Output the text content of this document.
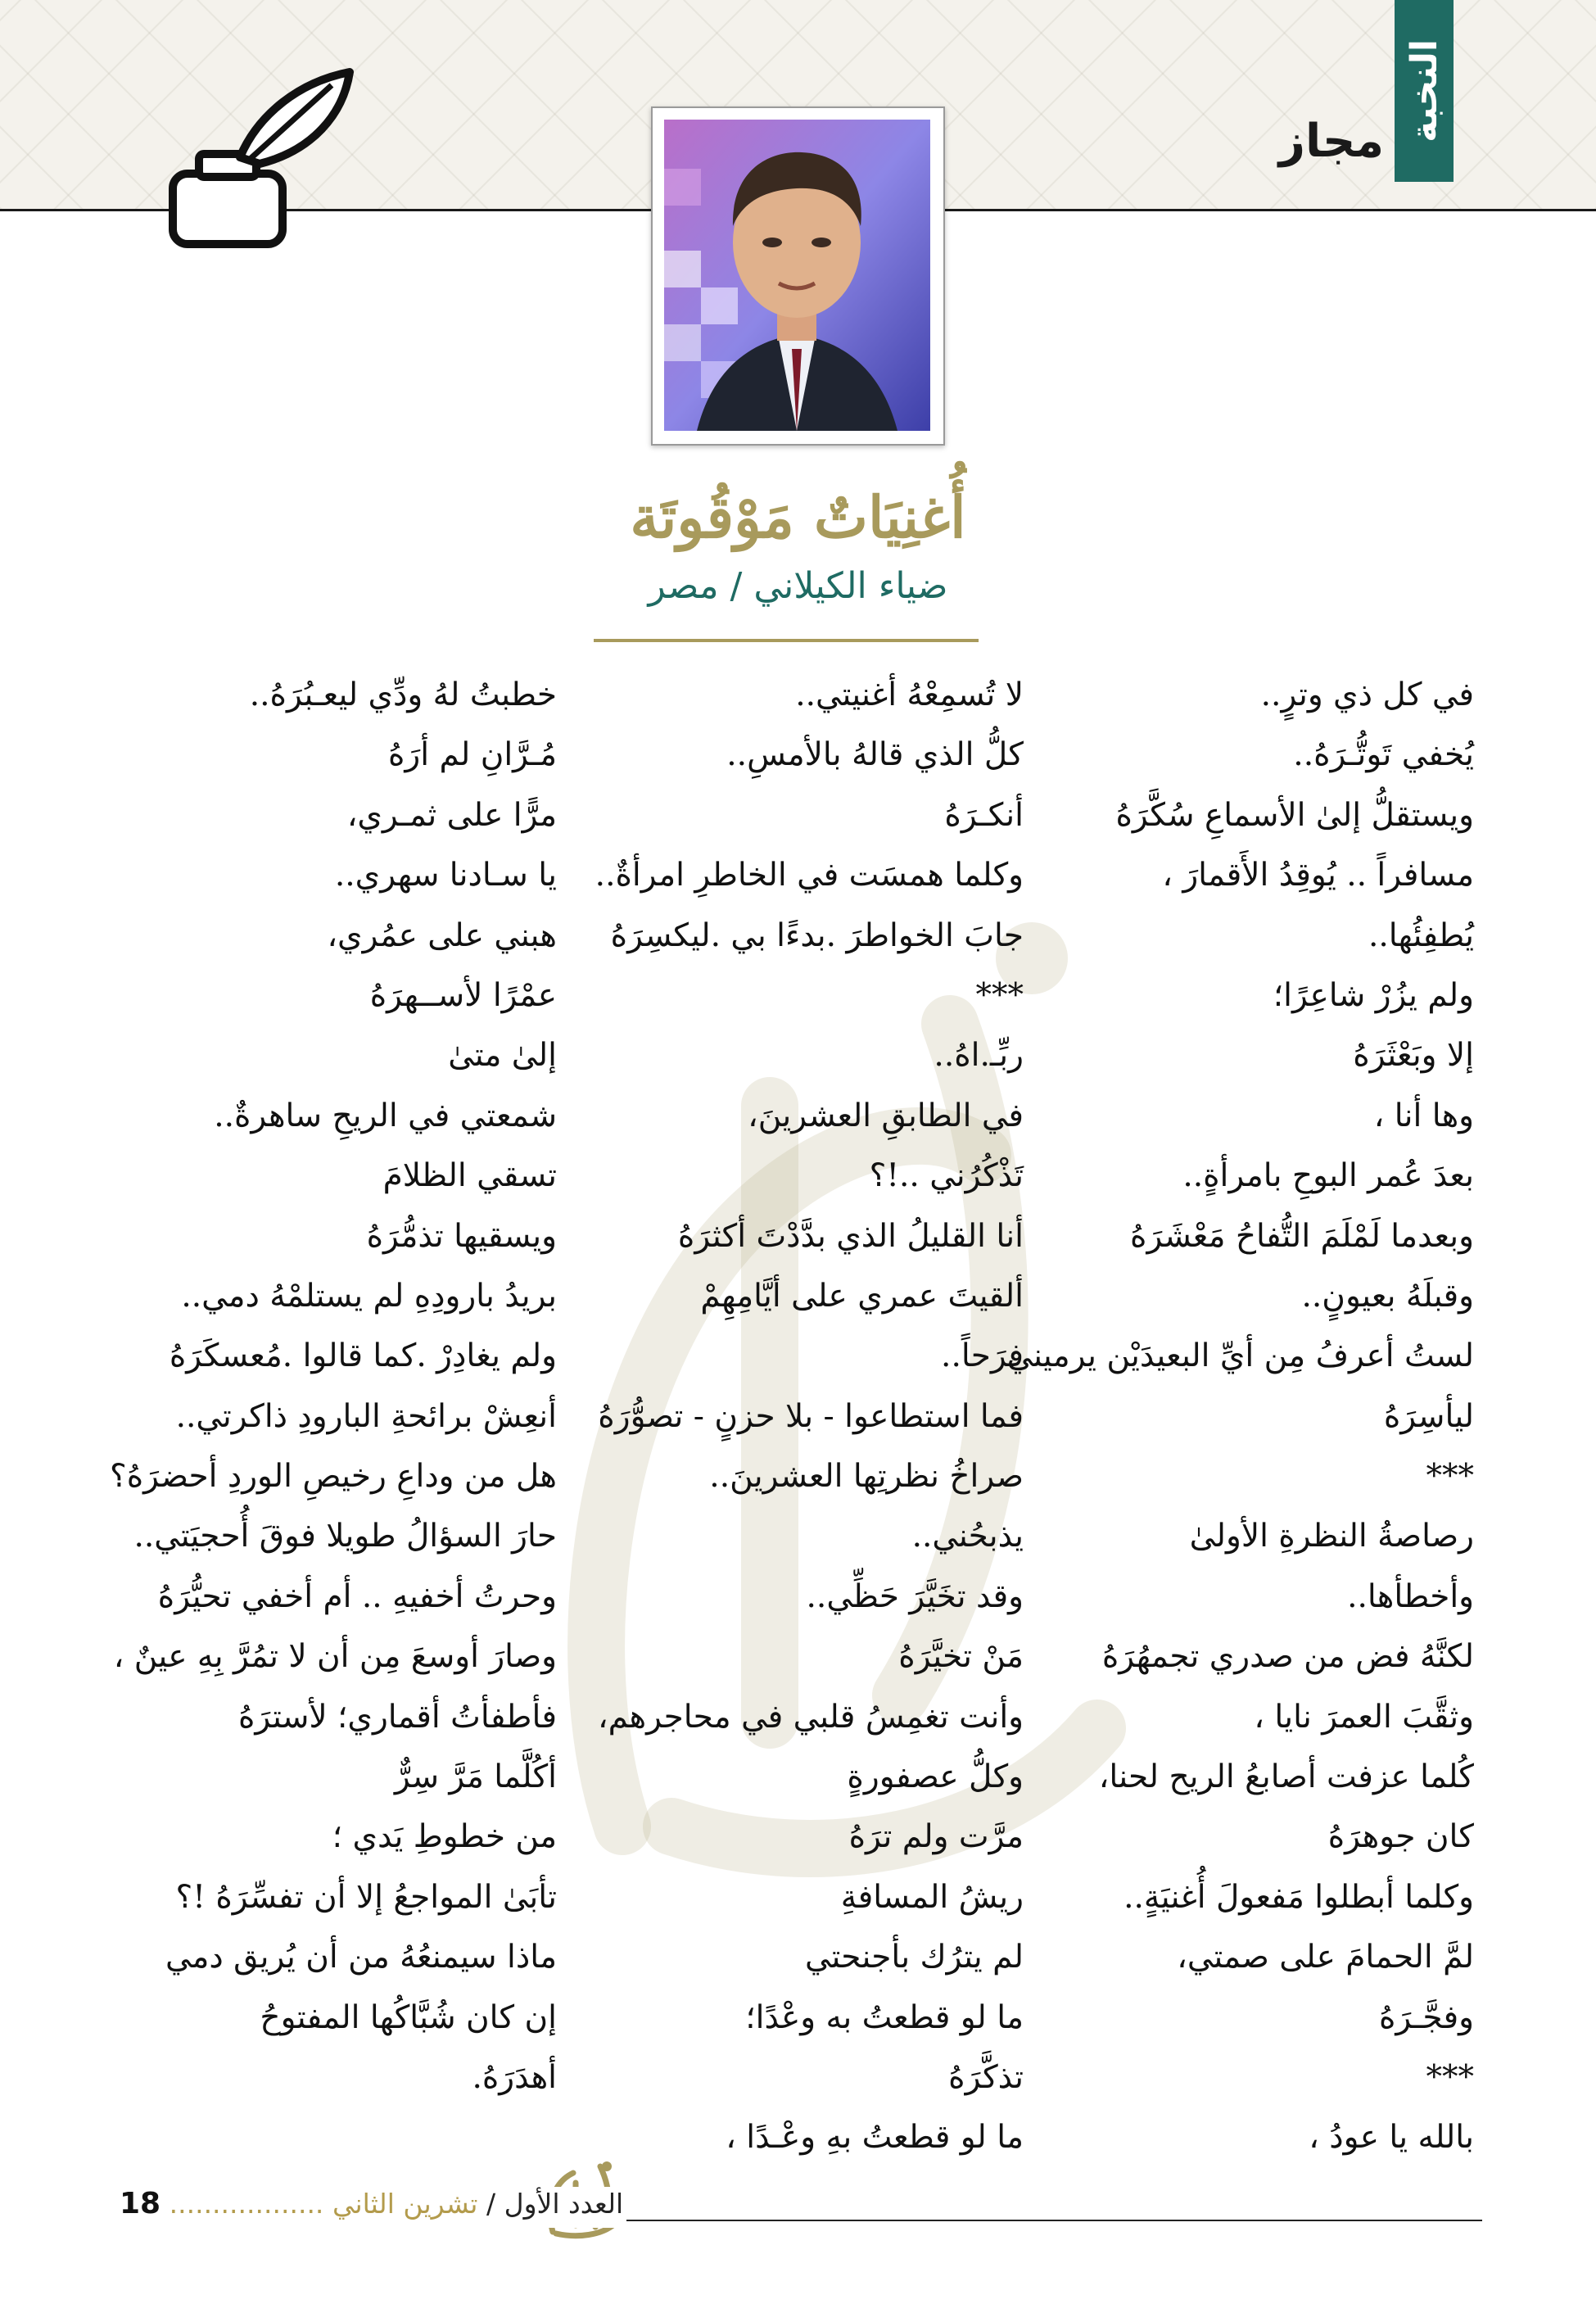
النخبة
مجاز
أُغنِيَاتٌ مَوْقُوتَة
ضياء الكيلاني / مصر
في كل ذي وترٍ..
يُخفي تَوتُّـرَهُ..
ويستقلُّ إلىٰ الأسماعِ سُكَّرَهُ
مسافراً .. يُوقِدُ الأَقمارَ ،
يُطفِئُها..
ولم يزُرْ شاعِرًا؛
إلا وبَعْثَرَهُ
وها أنا ،
بعدَ عُمر البوحِ بامرأةٍ..
وبعدما لَمْلَمَ التُّفاحُ مَعْشَرَهُ
وقبلَهُ بعيونٍ..
لستُ أعرفُ مِن أيِّ البعيدَيْن يرميني
ليأسِرَهُ
***
رصاصةُ النظرةِ الأولىٰ
وأخطأها..
لكنَّهُ فض من صدري تجمهُرَهُ
وثقَّبَ العمرَ نايا ،
كُلما عزفت أصابعُ الريح لحنا،
كان جوهرَهُ
وكلما أبطلوا مَفعولَ أُغنيَةٍ..
لمَّ الحمامَ على صمتي،
وفجَّـرَهُ
***
بالله يا عودُ ،
لا تُسمِعْهُ أغنيتي..
كلُّ الذي قالهُ بالأمسِ..
أنكـرَهُ
وكلما همسَت في الخاطرِ امرأةٌ..
جابَ الخواطرَ .بدءًا بي .ليكسِرَهُ
***
ربِّـ.اهُ..
في الطابقِ العشرينَ،
تَذْكُرُني ..!؟
أنا القليلُ الذي بدَّدْتَ أكثرَهُ
ألقيتَ عمري على أيَّامِهِمْ
فرَحاً..
فما استطاعوا - بلا حزنٍ - تصوُّرَهُ
صراخُ نظرتِها العشرينَ..
يذبحُني..
وقد تخَيَّرَ حَظِّي..
مَنْ تخيَّرَهُ
وأنت تغمِسُ قلبي في محاجرهم،
وكلُّ عصفورةٍ
مرَّت ولم ترَهُ
ريشُ المسافةِ
لم يترُك بأجنحتي
ما لو قطعتُ به وعْدًا؛
تذكَّرَهُ
ما لو قطعتُ بهِ وعْـدًا ،
خطبتُ لهُ ودِّي ليعـبُرَهُ..
مُـرَّانِ لم أرَهُ
مرًّا على ثمـري،
يا سـادنا سهري..
هبني على عمُري،
عمْرًا لأســهرَهُ
إلىٰ متىٰ
شمعتي في الريحِ ساهرةٌ..
تسقي الظلامَ
ويسقيها تذمُّرَهُ
بريدُ بارودِهِ لم يستلمْهُ دمي..
ولم يغادِرْ .كما قالوا .مُعسكَرَهُ
أنعِشْ برائحةِ البارودِ ذاكرتي..
هل من وداعِ رخيصِ الوردِ أحضرَهُ؟
حارَ السؤالُ طويلا فوقَ أُحجيَتي..
وحرتُ أخفيهِ .. أم أخفي تحيُّرَهُ
وصارَ أوسعَ مِن أن لا تمُرَّ بِهِ عينٌ ،
فأطفأتُ أقماري؛ لأسترَهُ
أكُلَّما مَرَّ سِرٌّ
من خطوطِ يَدي ؛
تأبَىٰ المواجعُ إلا أن تفسِّرَهُ !؟
ماذا سيمنعُهُ من أن يُريق دمي
إن كان شُبَّاكُها المفتوحُ
أهدَرَهُ.
العدد الأول / تشرين الثاني .................. 18
